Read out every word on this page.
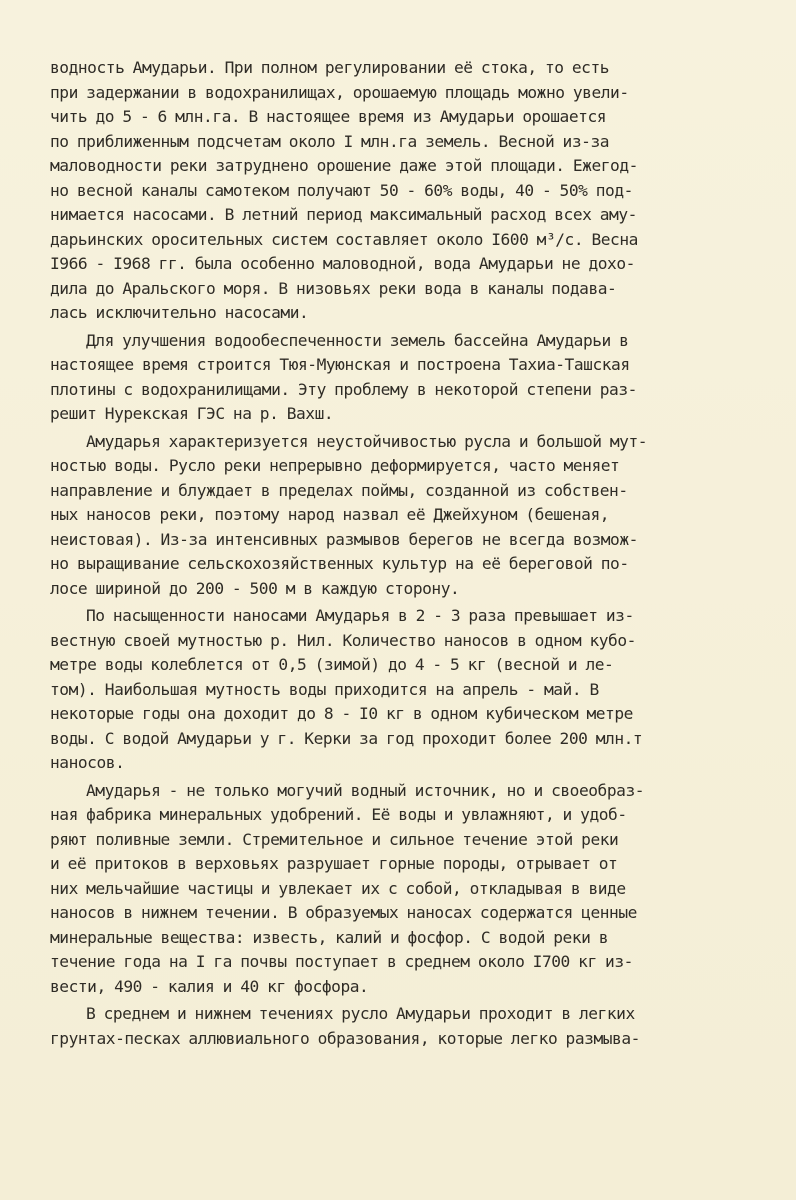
водность Амударьи. При полном регулировании её стока, то есть
при задержании в водохранилищах, орошаемую площадь можно увели-
чить до 5 - 6 млн.га. В настоящее время из Амударьи орошается
по приближенным подсчетам около I млн.га земель. Весной из-за
маловодности реки затруднено орошение даже этой площади. Ежегод-
но весной каналы самотеком получают 50 - 60% воды, 40 - 50% под-
нимается насосами. В летний период максимальный расход всех аму-
дарьинских оросительных систем составляет около I600 м³/с. Весна
I966 - I968 гг. была особенно маловодной, вода Амударьи не дохо-
дила до Аральского моря. В низовьях реки вода в каналы подава-
лась исключительно насосами.
Для улучшения водообеспеченности земель бассейна Амударьи в
настоящее время строится Тюя-Муюнская и построена Тахиа-Ташская
плотины с водохранилищами. Эту проблему в некоторой степени раз-
решит Нурекская ГЭС на р. Вахш.
Амударья характеризуется неустойчивостью русла и большой мут-
ностью воды. Русло реки непрерывно деформируется, часто меняет
направление и блуждает в пределах поймы, созданной из собствен-
ных наносов реки, поэтому народ назвал её Джейхуном (бешеная,
неистовая). Из-за интенсивных размывов берегов не всегда возмож-
но выращивание сельскохозяйственных культур на её береговой по-
лосе шириной до 200 - 500 м в каждую сторону.
По насыщенности наносами Амударья в 2 - 3 раза превышает из-
вестную своей мутностью р. Нил. Количество наносов в одном кубо-
метре воды колеблется от 0,5 (зимой) до 4 - 5 кг (весной и ле-
том). Наибольшая мутность воды приходится на апрель - май. В
некоторые годы она доходит до 8 - I0 кг в одном кубическом метре
воды. С водой Амударьи у г. Керки за год проходит более 200 млн.т
наносов.
Амударья - не только могучий водный источник, но и своеобраз-
ная фабрика минеральных удобрений. Её воды и увлажняют, и удоб-
ряют поливные земли. Стремительное и сильное течение этой реки
и её притоков в верховьях разрушает горные породы, отрывает от
них мельчайшие частицы и увлекает их с собой, откладывая в виде
наносов в нижнем течении. В образуемых наносах содержатся ценные
минеральные вещества: известь, калий и фосфор. С водой реки в
течение года на I га почвы поступает в среднем около I700 кг из-
вести, 490 - калия и 40 кг фосфора.
В среднем и нижнем течениях русло Амударьи проходит в легких
грунтах-песках аллювиального образования, которые легко размыва-
